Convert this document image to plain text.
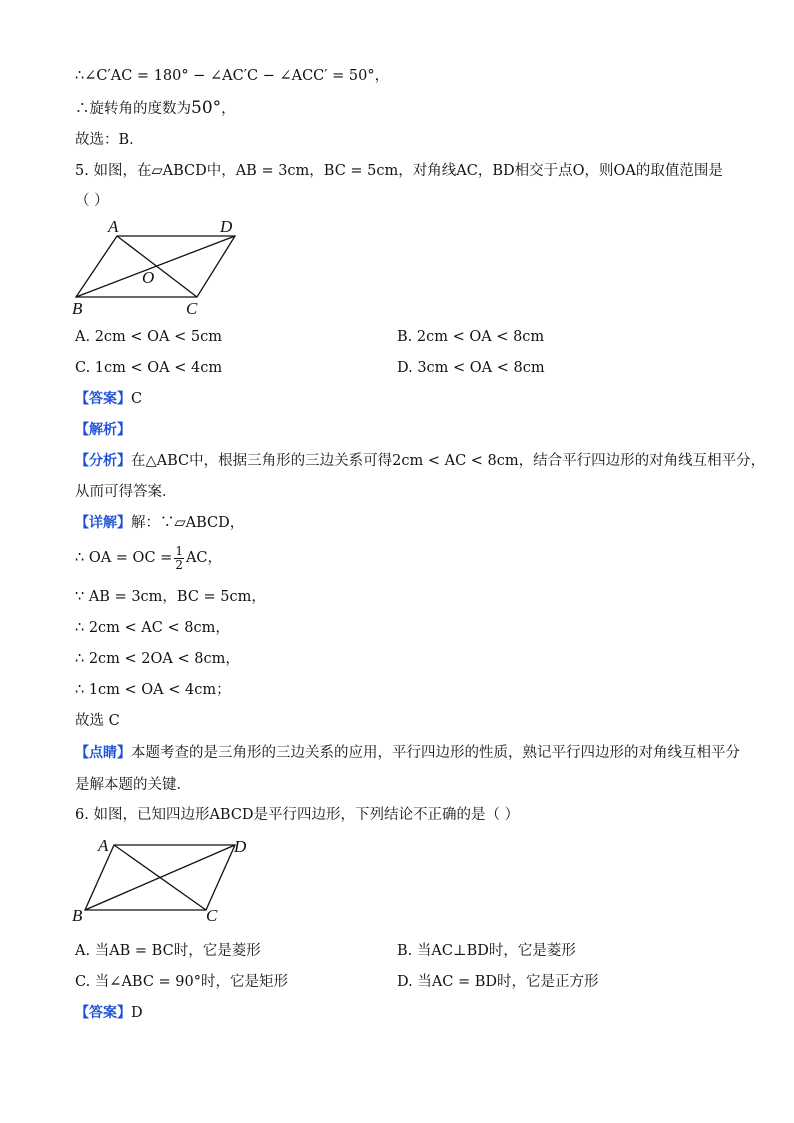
∴∠C′AC = 180° − ∠AC′C − ∠ACC′ = 50°，
∴旋转角的度数为50°，
故选：B．
5. 如图，在▱ABCD中，AB = 3cm，BC = 5cm，对角线AC，BD相交于点O，则OA的取值范围是
（ ）
A	D
O
B	C
A. 2cm < OA < 5cm	B. 2cm < OA < 8cm
C. 1cm < OA < 4cm	D. 3cm < OA < 8cm
【答案】C
【解析】
【分析】在△ABC中，根据三角形的三边关系可得2cm < AC < 8cm，结合平行四边形的对角线互相平分，
从而可得答案．
【详解】解：∵▱ABCD，
∴ OA = OC = $\frac{1}{2}$ AC，
∵ AB = 3cm，BC = 5cm，
∴ 2cm < AC < 8cm，
∴ 2cm < 2OA < 8cm，
∴ 1cm < OA < 4cm；
故选 C
【点睛】本题考查的是三角形的三边关系的应用，平行四边形的性质，熟记平行四边形的对角线互相平分
是解本题的关键．
6. 如图，已知四边形ABCD是平行四边形，下列结论不正确的是（ ）
A	D
B	C
A. 当AB = BC时，它是菱形	B. 当AC⊥BD时，它是菱形
C. 当∠ABC = 90°时，它是矩形	D. 当AC = BD时，它是正方形
【答案】D
